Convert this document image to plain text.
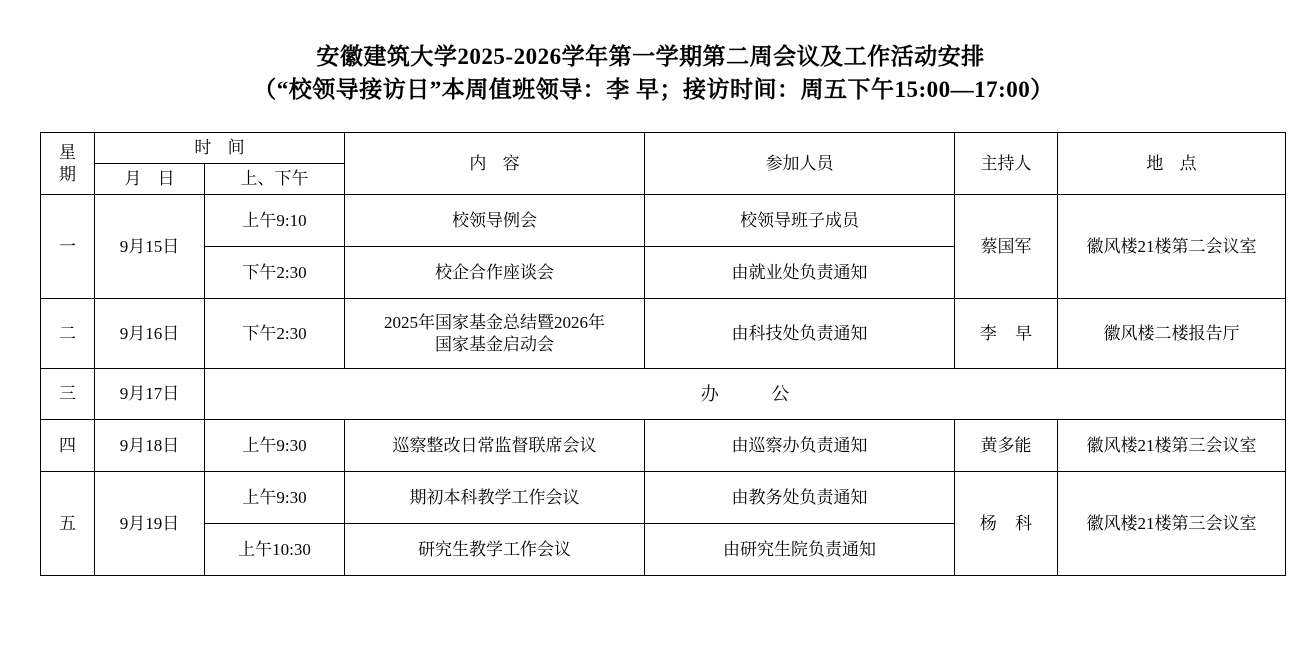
安徽建筑大学2025-2026学年第一学期第二周会议及工作活动安排
（“校领导接访日”本周值班领导：李 早；接访时间：周五下午15:00—17:00）
星
期	时 间		内 容	参加人员	主持人	地 点
	月 日	上、下午				
一	9月15日	上午9:10	校领导例会	校领导班子成员	蔡国军	徽风楼21楼第二会议室
		下午2:30	校企合作座谈会	由就业处负责通知		
二	9月16日	下午2:30	2025年国家基金总结暨2026年
国家基金启动会	由科技处负责通知	李 早	徽风楼二楼报告厅
三	9月17日	办 公				
四	9月18日	上午9:30	巡察整改日常监督联席会议	由巡察办负责通知	黄多能	徽风楼21楼第三会议室
五	9月19日	上午9:30	期初本科教学工作会议	由教务处负责通知	杨 科	徽风楼21楼第三会议室
		上午10:30	研究生教学工作会议	由研究生院负责通知		
